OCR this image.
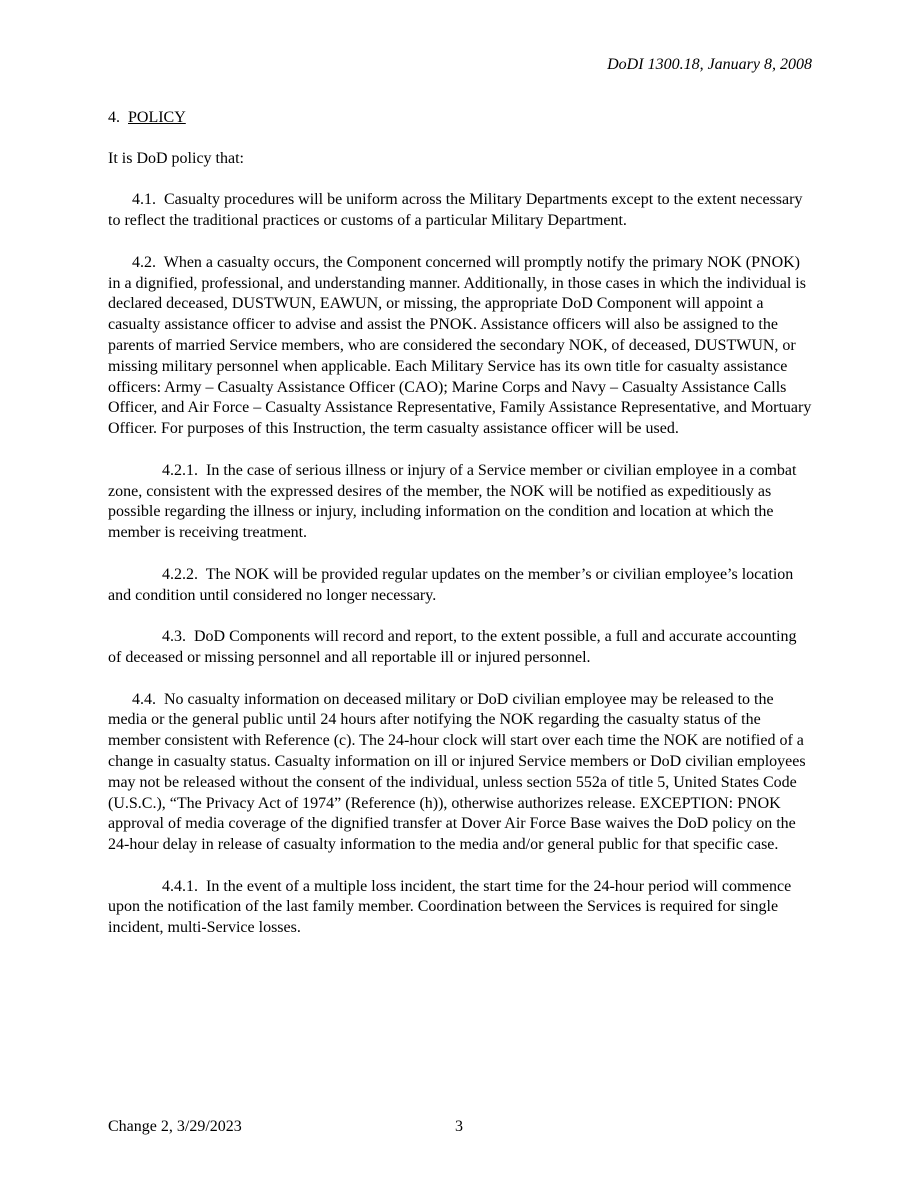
DoDI 1300.18, January 8, 2008
4. POLICY
It is DoD policy that:
4.1. Casualty procedures will be uniform across the Military Departments except to the extent necessary to reflect the traditional practices or customs of a particular Military Department.
4.2. When a casualty occurs, the Component concerned will promptly notify the primary NOK (PNOK) in a dignified, professional, and understanding manner. Additionally, in those cases in which the individual is declared deceased, DUSTWUN, EAWUN, or missing, the appropriate DoD Component will appoint a casualty assistance officer to advise and assist the PNOK. Assistance officers will also be assigned to the parents of married Service members, who are considered the secondary NOK, of deceased, DUSTWUN, or missing military personnel when applicable. Each Military Service has its own title for casualty assistance officers: Army – Casualty Assistance Officer (CAO); Marine Corps and Navy – Casualty Assistance Calls Officer, and Air Force – Casualty Assistance Representative, Family Assistance Representative, and Mortuary Officer. For purposes of this Instruction, the term casualty assistance officer will be used.
4.2.1. In the case of serious illness or injury of a Service member or civilian employee in a combat zone, consistent with the expressed desires of the member, the NOK will be notified as expeditiously as possible regarding the illness or injury, including information on the condition and location at which the member is receiving treatment.
4.2.2. The NOK will be provided regular updates on the member’s or civilian employee’s location and condition until considered no longer necessary.
4.3. DoD Components will record and report, to the extent possible, a full and accurate accounting of deceased or missing personnel and all reportable ill or injured personnel.
4.4. No casualty information on deceased military or DoD civilian employee may be released to the media or the general public until 24 hours after notifying the NOK regarding the casualty status of the member consistent with Reference (c). The 24-hour clock will start over each time the NOK are notified of a change in casualty status. Casualty information on ill or injured Service members or DoD civilian employees may not be released without the consent of the individual, unless section 552a of title 5, United States Code (U.S.C.), “The Privacy Act of 1974” (Reference (h)), otherwise authorizes release. EXCEPTION: PNOK approval of media coverage of the dignified transfer at Dover Air Force Base waives the DoD policy on the 24-hour delay in release of casualty information to the media and/or general public for that specific case.
4.4.1. In the event of a multiple loss incident, the start time for the 24-hour period will commence upon the notification of the last family member. Coordination between the Services is required for single incident, multi-Service losses.
Change 2, 3/29/2023	3
